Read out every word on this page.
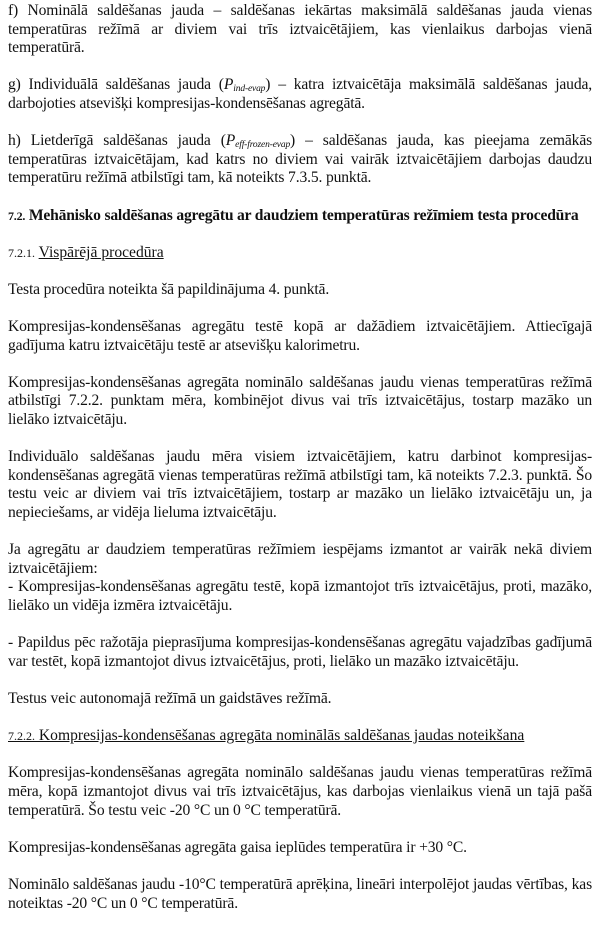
f) Nominālā saldēšanas jauda – saldēšanas iekārtas maksimālā saldēšanas jauda vienas temperatūras režīmā ar diviem vai trīs iztvaicētājiem, kas vienlaikus darbojas vienā temperatūrā.

g) Individuālā saldēšanas jauda $(P_{ind-evap})$ – katra iztvaicētāja maksimālā saldēšanas jauda, darbojoties atsevišķi kompresijas-kondensēšanas agregātā.

h) Lietderīgā saldēšanas jauda $(P_{eff-frozen-evap})$ – saldēšanas jauda, kas pieejama zemākās temperatūras iztvaicētājam, kad katrs no diviem vai vairāk iztvaicētājiem darbojas daudzu temperatūru režīmā atbilstīgi tam, kā noteikts 7.3.5. punktā.

7.2. Mehānisko saldēšanas agregātu ar daudziem temperatūras režīmiem testa procedūra
7.2.1. Vispārējā procedūra

Testa procedūra noteikta šā papildinājuma 4. punktā.

Kompresijas-kondensēšanas agregātu testē kopā ar dažādiem iztvaicētājiem. Attiecīgajā gadījuma katru iztvaicētāju testē ar atsevišķu kalorimetru.

Kompresijas-kondensēšanas agregāta nominālo saldēšanas jaudu vienas temperatūras režīmā atbilstīgi 7.2.2. punktam mēra, kombinējot divus vai trīs iztvaicētājus, tostarp mazāko un lielāko iztvaicētāju.

Individuālo saldēšanas jaudu mēra visiem iztvaicētājiem, katru darbinot kompresijas-kondensēšanas agregātā vienas temperatūras režīmā atbilstīgi tam, kā noteikts 7.2.3. punktā. Šo testu veic ar diviem vai trīs iztvaicētājiem, tostarp ar mazāko un lielāko iztvaicētāju un, ja nepieciešams, ar vidēja lieluma iztvaicētāju.

Ja agregātu ar daudziem temperatūras režīmiem iespējams izmantot ar vairāk nekā diviem iztvaicētājiem:

- Kompresijas-kondensēšanas agregātu testē, kopā izmantojot trīs iztvaicētājus, proti, mazāko, lielāko un vidēja izmēra iztvaicētāju.

- Papildus pēc ražotāja pieprasījuma kompresijas-kondensēšanas agregātu vajadzības gadījumā var testēt, kopā izmantojot divus iztvaicētājus, proti, lielāko un mazāko iztvaicētāju.

Testus veic autonomajā režīmā un gaidstāves režīmā.

7.2.2. Kompresijas-kondensēšanas agregāta nominālās saldēšanas jaudas noteikšana

Kompresijas-kondensēšanas agregāta nominālo saldēšanas jaudu vienas temperatūras režīmā mēra, kopā izmantojot divus vai trīs iztvaicētājus, kas darbojas vienlaikus vienā un tajā pašā temperatūrā. Šo testu veic -20 °C un 0 °C temperatūrā.

Kompresijas-kondensēšanas agregāta gaisa ieplūdes temperatūra ir +30 °C.

Nominālo saldēšanas jaudu -10°C temperatūrā aprēķina, lineāri interpolējot jaudas vērtības, kas noteiktas -20 °C un 0 °C temperatūrā.
